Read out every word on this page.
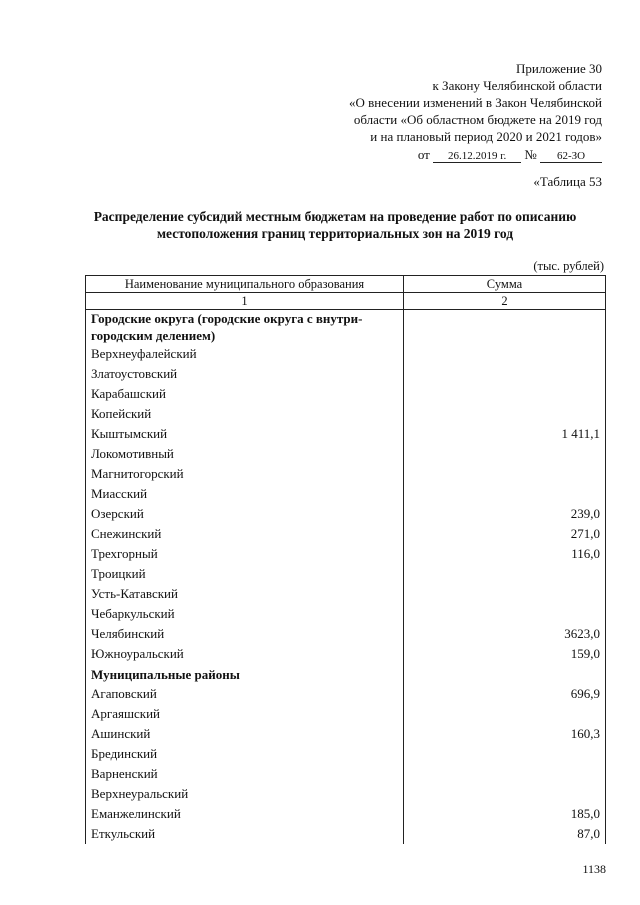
Приложение 30
к Закону Челябинской области
«О внесении изменений в Закон Челябинской
области «Об областном бюджете на 2019 год
и на плановый период 2020 и 2021 годов»
от 26.12.2019 г. № 62-ЗО
«Таблица 53
Распределение субсидий местным бюджетам на проведение работ по описанию местоположения границ территориальных зон на 2019 год
(тыс. рублей)
Наименование муниципального образования	Сумма
1	2
Городские округа (городские округа с внутри-городским делением)	
Верхнеуфалейский	
Златоустовский	
Карабашский	
Копейский	
Кыштымский	1 411,1
Локомотивный	
Магнитогорский	
Миасский	
Озерский	239,0
Снежинский	271,0
Трехгорный	116,0
Троицкий	
Усть-Катавский	
Чебаркульский	
Челябинский	3623,0
Южноуральский	159,0
Муниципальные районы	
Агаповский	696,9
Аргаяшский	
Ашинский	160,3
Брединский	
Варненский	
Верхнеуральский	
Еманжелинский	185,0
Еткульский	87,0
1138
